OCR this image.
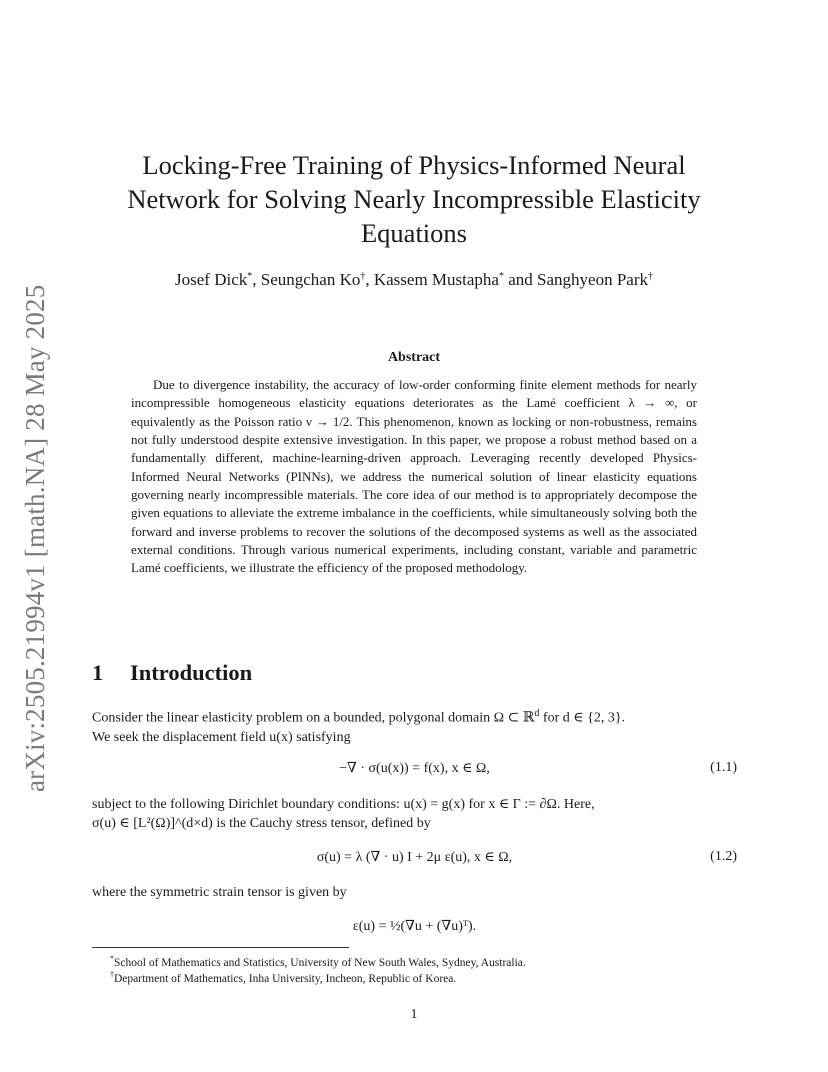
arXiv:2505.21994v1 [math.NA] 28 May 2025
Locking-Free Training of Physics-Informed Neural
Network for Solving Nearly Incompressible Elasticity
Equations
Josef Dick*, Seungchan Ko†, Kassem Mustapha* and Sanghyeon Park†
Abstract
Due to divergence instability, the accuracy of low-order conforming finite element methods for nearly incompressible homogeneous elasticity equations deteriorates as the Lamé coefficient λ → ∞, or equivalently as the Poisson ratio ν → 1/2. This phenomenon, known as locking or non-robustness, remains not fully understood despite extensive investigation. In this paper, we propose a robust method based on a fundamentally different, machine-learning-driven approach. Leveraging recently developed Physics-Informed Neural Networks (PINNs), we address the numerical solution of linear elasticity equations governing nearly incompressible materials. The core idea of our method is to appropriately decompose the given equations to alleviate the extreme imbalance in the coefficients, while simultaneously solving both the forward and inverse problems to recover the solutions of the decomposed systems as well as the associated external conditions. Through various numerical experiments, including constant, variable and parametric Lamé coefficients, we illustrate the efficiency of the proposed methodology.
1 Introduction
Consider the linear elasticity problem on a bounded, polygonal domain Ω ⊂ ℝ$^d$ for d ∈ {2, 3}.
We seek the displacement field u(x) satisfying
−∇ · σ(u(x)) = f(x), x ∈ Ω,	(1.1)
subject to the following Dirichlet boundary conditions: u(x) = g(x) for x ∈ Γ := ∂Ω. Here,
σ(u) ∈ [L²(Ω)]^(d×d) is the Cauchy stress tensor, defined by
σ(u) = λ (∇ · u) I + 2μ ε(u), x ∈ Ω,	(1.2)
where the symmetric strain tensor is given by
ε(u) = ½(∇u + (∇u)ᵀ).
*School of Mathematics and Statistics, University of New South Wales, Sydney, Australia.
†Department of Mathematics, Inha University, Incheon, Republic of Korea.
1
